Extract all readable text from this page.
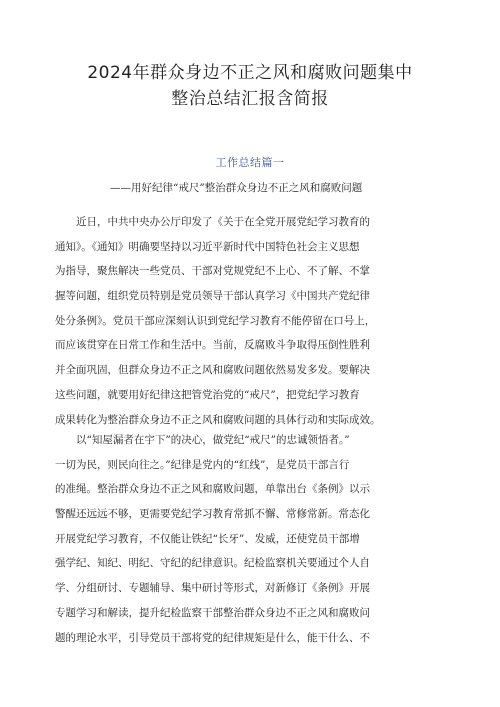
2024年群众身边不正之风和腐败问题集中
整治总结汇报含简报
工作总结篇一
——用好纪律“戒尺”整治群众身边不正之风和腐败问题
近日，中共中央办公厅印发了《关于在全党开展党纪学习教育的
通知》。《通知》明确要坚持以习近平新时代中国特色社会主义思想
为指导，聚焦解决一些党员、干部对党规党纪不上心、不了解、不掌
握等问题，组织党员特别是党员领导干部认真学习《中国共产党纪律
处分条例》。党员干部应深刻认识到党纪学习教育不能停留在口号上，
而应该贯穿在日常工作和生活中。当前，反腐败斗争取得压倒性胜利
并全面巩固，但群众身边不正之风和腐败问题依然易发多发。要解决
这些问题，就要用好纪律这把管党治党的“戒尺”，把党纪学习教育
成果转化为整治群众身边不正之风和腐败问题的具体行动和实际成效。
以“知屋漏者在宇下”的决心，做党纪“戒尺”的忠诚领悟者。”
一切为民，则民向往之。”纪律是党内的“红线”，是党员干部言行
的准绳。整治群众身边不正之风和腐败问题，单靠出台《条例》以示
警醒还远远不够，更需要党纪学习教育常抓不懈、常修常新。常态化
开展党纪学习教育，不仅能让铁纪“长牙”、发威，还使党员干部增
强学纪、知纪、明纪、守纪的纪律意识。纪检监察机关要通过个人自
学、分组研讨、专题辅导、集中研讨等形式，对新修订《条例》开展
专题学习和解读，提升纪检监察干部整治群众身边不正之风和腐败问
题的理论水平，引导党员干部将党的纪律规矩是什么，能干什么、不
